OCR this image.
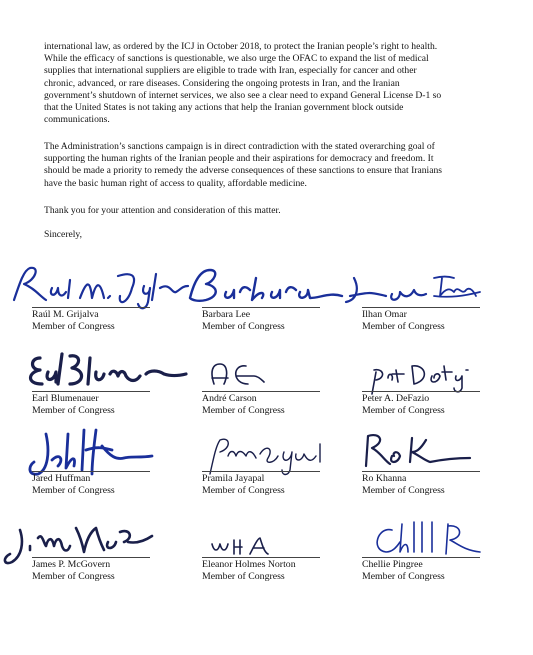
international law, as ordered by the ICJ in October 2018, to protect the Iranian people’s right to health.
While the efficacy of sanctions is questionable, we also urge the OFAC to expand the list of medical
supplies that international suppliers are eligible to trade with Iran, especially for cancer and other
chronic, advanced, or rare diseases. Considering the ongoing protests in Iran, and the Iranian
government’s shutdown of internet services, we also see a clear need to expand General License D-1 so
that the United States is not taking any actions that help the Iranian government block outside
communications.

The Administration’s sanctions campaign is in direct contradiction with the stated overarching goal of
supporting the human rights of the Iranian people and their aspirations for democracy and freedom. It
should be made a priority to remedy the adverse consequences of these sanctions to ensure that Iranians
have the basic human right of access to quality, affordable medicine.

Thank you for your attention and consideration of this matter.

Sincerely,

Raúl M. Grijalva
Member of Congress
Barbara Lee
Member of Congress
Ilhan Omar
Member of Congress
Earl Blumenauer
Member of Congress
André Carson
Member of Congress
Peter A. DeFazio
Member of Congress
Jared Huffman
Member of Congress
Pramila Jayapal
Member of Congress
Ro Khanna
Member of Congress
James P. McGovern
Member of Congress
Eleanor Holmes Norton
Member of Congress
Chellie Pingree
Member of Congress
